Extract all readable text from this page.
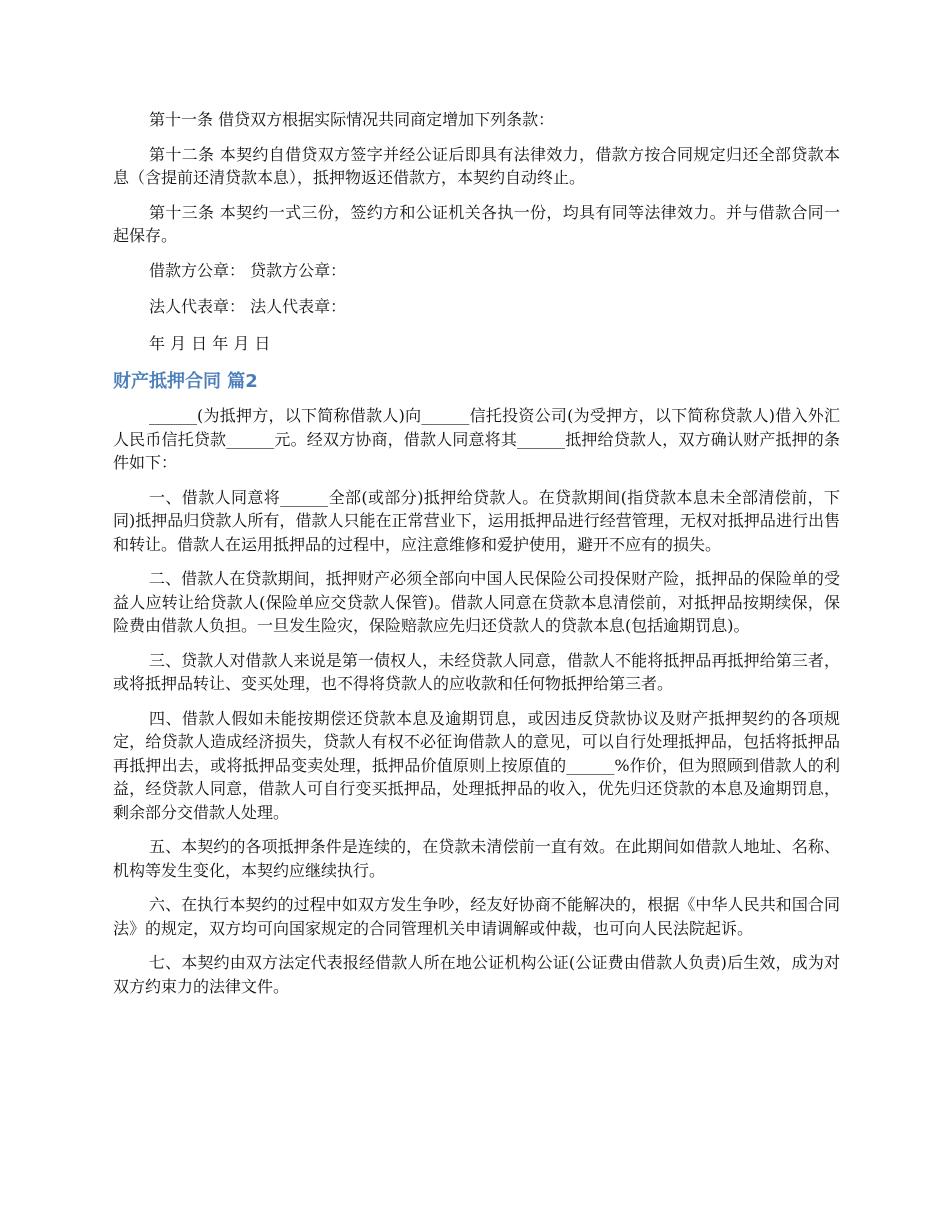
第十一条 借贷双方根据实际情况共同商定增加下列条款：

第十二条 本契约自借贷双方签字并经公证后即具有法律效力，借款方按合同规定归还全部贷款本息（含提前还清贷款本息），抵押物返还借款方，本契约自动终止。

第十三条 本契约一式三份，签约方和公证机关各执一份，均具有同等法律效力。并与借款合同一起保存。

借款方公章： 贷款方公章：

法人代表章： 法人代表章：

年 月 日 年 月 日

财产抵押合同 篇2

______(为抵押方，以下简称借款人)向______信托投资公司(为受押方，以下简称贷款人)借入外汇人民币信托贷款______元。经双方协商，借款人同意将其______抵押给贷款人，双方确认财产抵押的条件如下：

一、借款人同意将______全部(或部分)抵押给贷款人。在贷款期间(指贷款本息未全部清偿前，下同)抵押品归贷款人所有，借款人只能在正常营业下，运用抵押品进行经营管理，无权对抵押品进行出售和转让。借款人在运用抵押品的过程中，应注意维修和爱护使用，避开不应有的损失。

二、借款人在贷款期间，抵押财产必须全部向中国人民保险公司投保财产险，抵押品的保险单的受益人应转让给贷款人(保险单应交贷款人保管)。借款人同意在贷款本息清偿前，对抵押品按期续保，保险费由借款人负担。一旦发生险灾，保险赔款应先归还贷款人的贷款本息(包括逾期罚息)。

三、贷款人对借款人来说是第一债权人，未经贷款人同意，借款人不能将抵押品再抵押给第三者，或将抵押品转让、变买处理，也不得将贷款人的应收款和任何物抵押给第三者。

四、借款人假如未能按期偿还贷款本息及逾期罚息，或因违反贷款协议及财产抵押契约的各项规定，给贷款人造成经济损失，贷款人有权不必征询借款人的意见，可以自行处理抵押品，包括将抵押品再抵押出去，或将抵押品变卖处理，抵押品价值原则上按原值的______%作价，但为照顾到借款人的利益，经贷款人同意，借款人可自行变买抵押品，处理抵押品的收入，优先归还贷款的本息及逾期罚息，剩余部分交借款人处理。

五、本契约的各项抵押条件是连续的，在贷款未清偿前一直有效。在此期间如借款人地址、名称、机构等发生变化，本契约应继续执行。

六、在执行本契约的过程中如双方发生争吵，经友好协商不能解决的，根据《中华人民共和国合同法》的规定，双方均可向国家规定的合同管理机关申请调解或仲裁，也可向人民法院起诉。

七、本契约由双方法定代表报经借款人所在地公证机构公证(公证费由借款人负责)后生效，成为对双方约束力的法律文件。
